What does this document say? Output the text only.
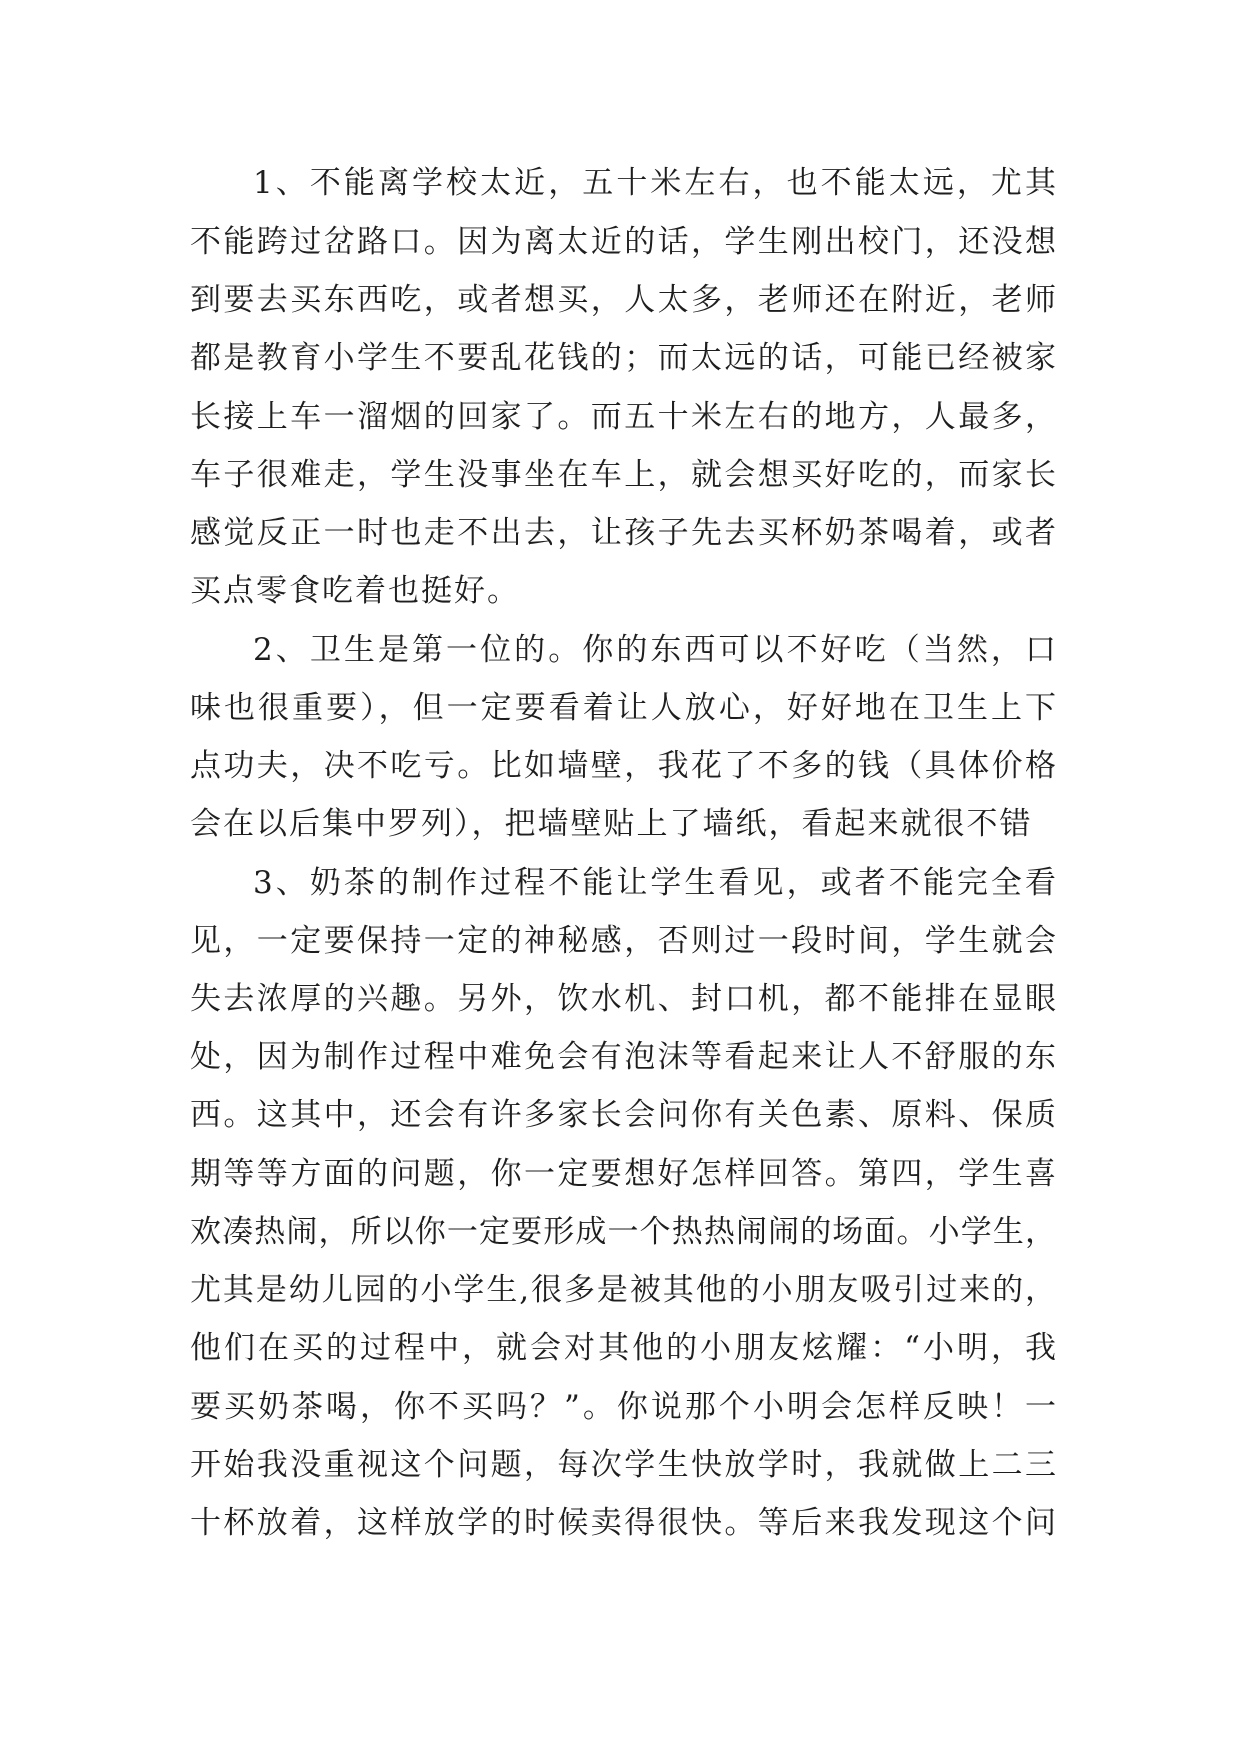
1、不能离学校太近，五十米左右，也不能太远，尤其
不能跨过岔路口。因为离太近的话，学生刚出校门，还没想
到要去买东西吃，或者想买，人太多，老师还在附近，老师
都是教育小学生不要乱花钱的；而太远的话，可能已经被家
长接上车一溜烟的回家了。而五十米左右的地方，人最多，
车子很难走，学生没事坐在车上，就会想买好吃的，而家长
感觉反正一时也走不出去，让孩子先去买杯奶茶喝着，或者
买点零食吃着也挺好。
2、卫生是第一位的。你的东西可以不好吃（当然，口
味也很重要），但一定要看着让人放心，好好地在卫生上下
点功夫，决不吃亏。比如墙壁，我花了不多的钱（具体价格
会在以后集中罗列），把墙壁贴上了墙纸，看起来就很不错
3、奶茶的制作过程不能让学生看见，或者不能完全看
见，一定要保持一定的神秘感，否则过一段时间，学生就会
失去浓厚的兴趣。另外，饮水机、封口机，都不能排在显眼
处，因为制作过程中难免会有泡沫等看起来让人不舒服的东
西。这其中，还会有许多家长会问你有关色素、原料、保质
期等等方面的问题，你一定要想好怎样回答。第四，学生喜
欢凑热闹，所以你一定要形成一个热热闹闹的场面。小学生，
尤其是幼儿园的小学生,很多是被其他的小朋友吸引过来的，
他们在买的过程中，就会对其他的小朋友炫耀：“小明，我
要买奶茶喝，你不买吗？”。你说那个小明会怎样反映！一
开始我没重视这个问题，每次学生快放学时，我就做上二三
十杯放着，这样放学的时候卖得很快。等后来我发现这个问
